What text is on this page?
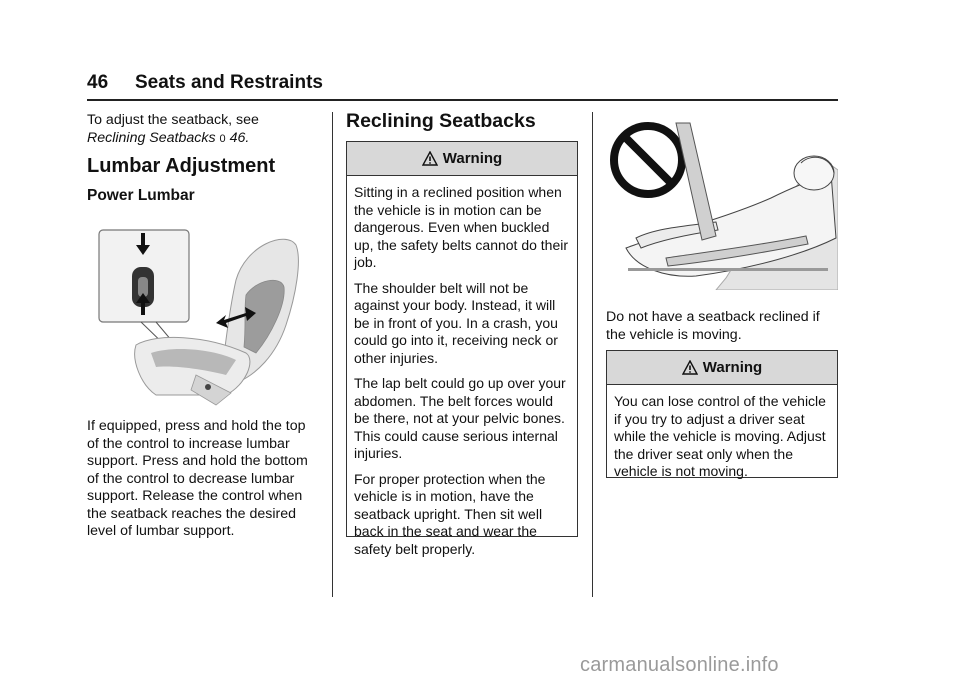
46 Seats and Restraints

To adjust the seatback, see
Reclining Seatbacks 0 46.

Lumbar Adjustment
Power Lumbar

If equipped, press and hold the top of the control to increase lumbar support. Press and hold the bottom of the control to decrease lumbar support. Release the control when the seatback reaches the desired level of lumbar support.

Reclining Seatbacks
Warning

Sitting in a reclined position when the vehicle is in motion can be dangerous. Even when buckled up, the safety belts cannot do their job.

The shoulder belt will not be against your body. Instead, it will be in front of you. In a crash, you could go into it, receiving neck or other injuries.

The lap belt could go up over your abdomen. The belt forces would be there, not at your pelvic bones. This could cause serious internal injuries.

For proper protection when the vehicle is in motion, have the seatback upright. Then sit well back in the seat and wear the safety belt properly.

Do not have a seatback reclined if the vehicle is moving.

Warning

You can lose control of the vehicle if you try to adjust a driver seat while the vehicle is moving. Adjust the driver seat only when the vehicle is not moving.

carmanualsonline.info
